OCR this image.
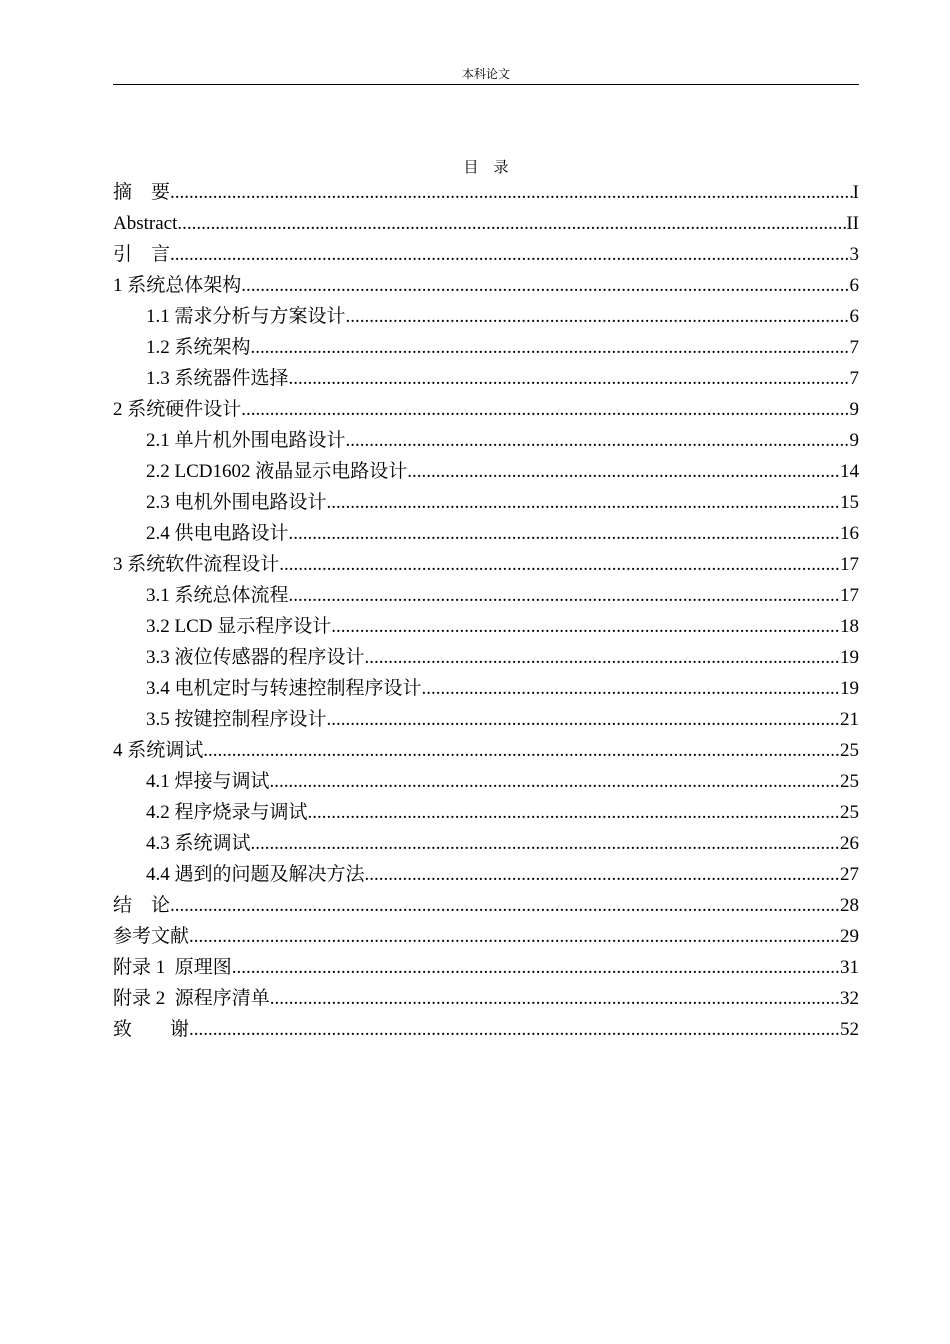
本科论文
目    录
摘    要 .....	I
Abstract .....	II
引    言 .....	3
1 系统总体架构 .....	6
1.1 需求分析与方案设计 .....	6
1.2 系统架构 .....	7
1.3 系统器件选择 .....	7
2 系统硬件设计 .....	9
2.1 单片机外围电路设计 .....	9
2.2 LCD1602 液晶显示电路设计 .....	14
2.3 电机外围电路设计 .....	15
2.4 供电电路设计 .....	16
3 系统软件流程设计 .....	17
3.1 系统总体流程 .....	17
3.2 LCD 显示程序设计 .....	18
3.3 液位传感器的程序设计 .....	19
3.4 电机定时与转速控制程序设计 .....	19
3.5 按键控制程序设计 .....	21
4 系统调试 .....	25
4.1 焊接与调试 .....	25
4.2 程序烧录与调试 .....	25
4.3 系统调试 .....	26
4.4 遇到的问题及解决方法 .....	27
结    论 .....	28
参考文献 .....	29
附录 1  原理图 .....	31
附录 2  源程序清单 .....	32
致        谢 .....	52
